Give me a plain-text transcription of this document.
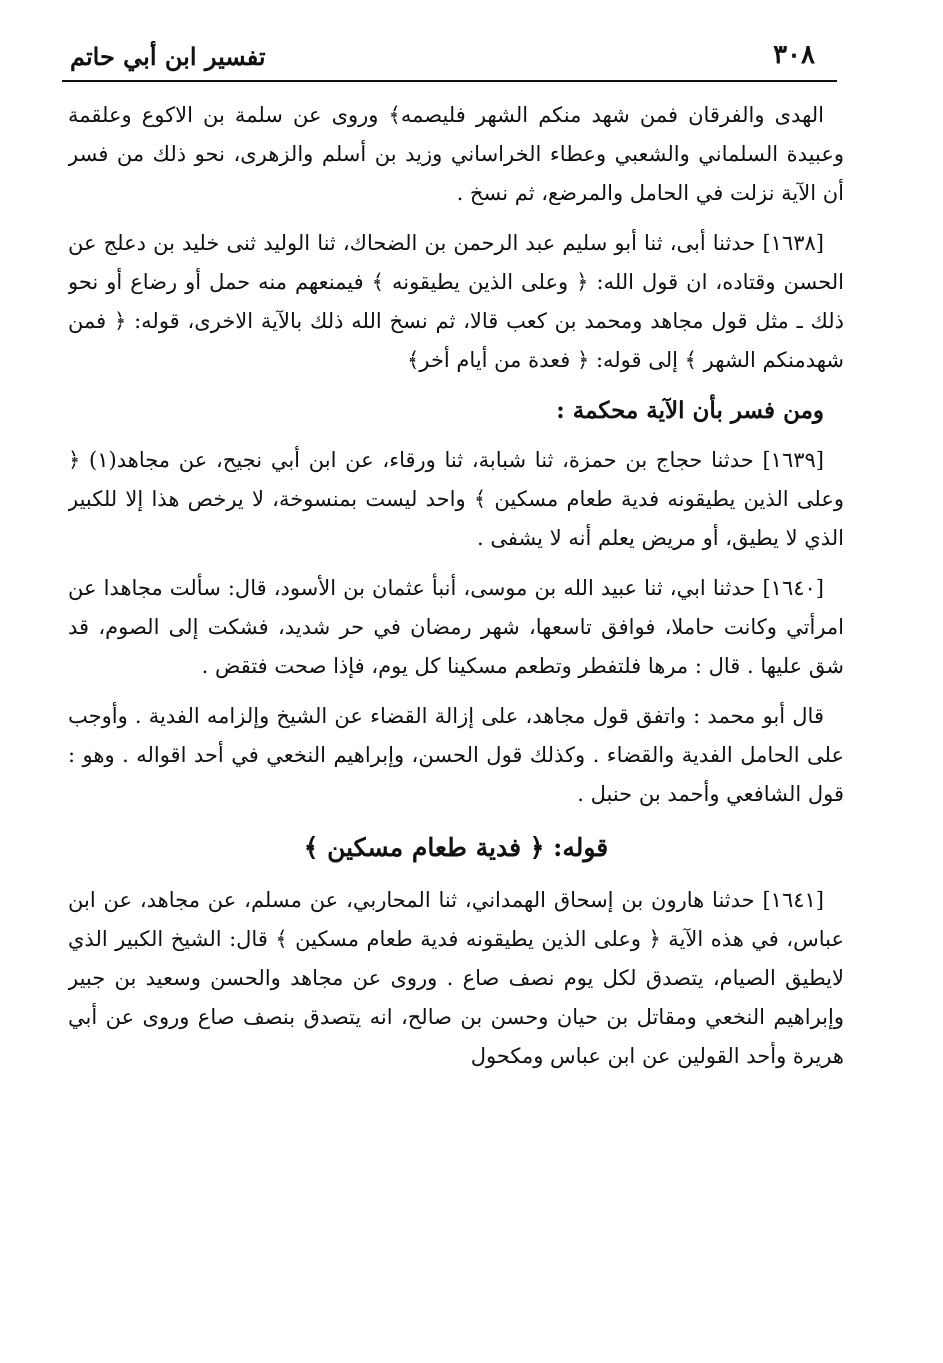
٣٠٨
تفسير ابن أبي حاتم

الهدى والفرقان فمن شهد منكم الشهر فليصمه﴾ وروى عن سلمة بن الاكوع وعلقمة وعبيدة السلماني والشعبي وعطاء الخراساني وزيد بن أسلم والزهرى، نحو ذلك من فسر أن الآية نزلت في الحامل والمرضع، ثم نسخ .

[١٦٣٨] حدثنا أبى، ثنا أبو سليم عبد الرحمن بن الضحاك، ثنا الوليد ثنى خليد بن دعلج عن الحسن وقتاده، ان قول الله: ﴿ وعلى الذين يطيقونه ﴾ فيمنعهم منه حمل أو رضاع أو نحو ذلك ـ مثل قول مجاهد ومحمد بن كعب قالا، ثم نسخ الله ذلك بالآية الاخرى، قوله: ﴿ فمن شهدمنكم الشهر ﴾ إلى قوله: ﴿ فعدة من أيام أخر﴾

ومن فسر بأن الآية محكمة :

[١٦٣٩] حدثنا حجاج بن حمزة، ثنا شبابة، ثنا ورقاء، عن ابن أبي نجيح، عن مجاهد(١) ﴿ وعلى الذين يطيقونه فدية طعام مسكين ﴾ واحد ليست بمنسوخة، لا يرخص هذا إلا للكبير الذي لا يطيق، أو مريض يعلم أنه لا يشفى .

[١٦٤٠] حدثنا ابي، ثنا عبيد الله بن موسى، أنبأ عثمان بن الأسود، قال: سألت مجاهدا عن امرأتي وكانت حاملا، فوافق تاسعها، شهر رمضان في حر شديد، فشكت إلى الصوم، قد شق عليها . قال : مرها فلتفطر وتطعم مسكينا كل يوم، فإذا صحت فتقض .

قال أبو محمد : واتفق قول مجاهد، على إزالة القضاء عن الشيخ وإلزامه الفدية . وأوجب على الحامل الفدية والقضاء . وكذلك قول الحسن، وإبراهيم النخعي في أحد اقواله . وهو : قول الشافعي وأحمد بن حنبل .

قوله: ﴿ فدية طعام مسكين ﴾

[١٦٤١] حدثنا هارون بن إسحاق الهمداني، ثنا المحاربي، عن مسلم، عن مجاهد، عن ابن عباس، في هذه الآية ﴿ وعلى الذين يطيقونه فدية طعام مسكين ﴾ قال: الشيخ الكبير الذي لايطيق الصيام، يتصدق لكل يوم نصف صاع . وروى عن مجاهد والحسن وسعيد بن جبير وإبراهيم النخعي ومقاتل بن حيان وحسن بن صالح، انه يتصدق بنصف صاع وروى عن أبي هريرة وأحد القولين عن ابن عباس ومكحول
